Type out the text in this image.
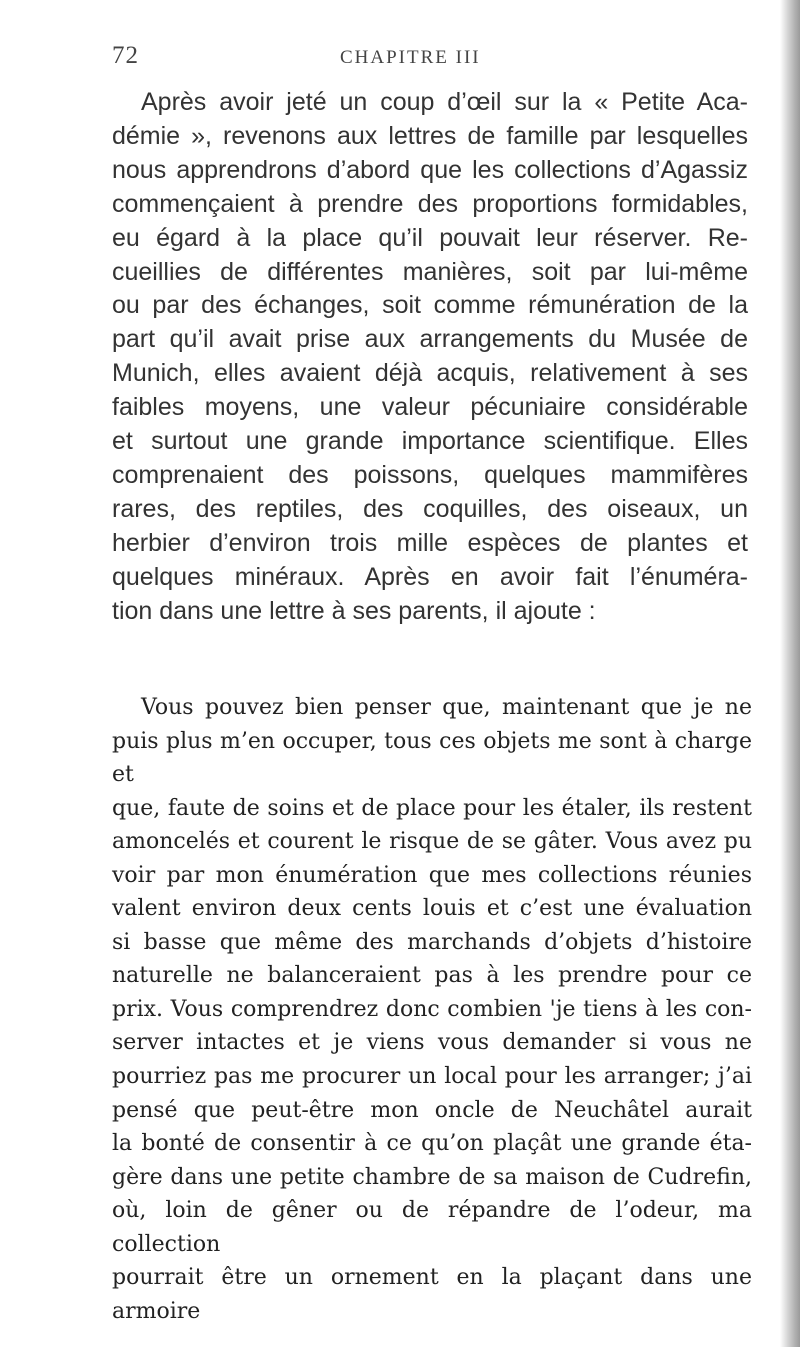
72	CHAPITRE III
Après avoir jeté un coup d’œil sur la « Petite Aca-
démie », revenons aux lettres de famille par lesquelles
nous apprendrons d’abord que les collections d’Agassiz
commençaient à prendre des proportions formidables,
eu égard à la place qu’il pouvait leur réserver. Re-
cueillies de différentes manières, soit par lui-même
ou par des échanges, soit comme rémunération de la
part qu’il avait prise aux arrangements du Musée de
Munich, elles avaient déjà acquis, relativement à ses
faibles moyens, une valeur pécuniaire considérable
et surtout une grande importance scientifique. Elles
comprenaient des poissons, quelques mammifères
rares, des reptiles, des coquilles, des oiseaux, un
herbier d’environ trois mille espèces de plantes et
quelques minéraux. Après en avoir fait l’énuméra-
tion dans une lettre à ses parents, il ajoute :
Vous pouvez bien penser que, maintenant que je ne
puis plus m’en occuper, tous ces objets me sont à charge et
que, faute de soins et de place pour les étaler, ils restent
amoncelés et courent le risque de se gâter. Vous avez pu
voir par mon énumération que mes collections réunies
valent environ deux cents louis et c’est une évaluation
si basse que même des marchands d’objets d’histoire
naturelle ne balanceraient pas à les prendre pour ce
prix. Vous comprendrez donc combien 'je tiens à les con-
server intactes et je viens vous demander si vous ne
pourriez pas me procurer un local pour les arranger; j’ai
pensé que peut-être mon oncle de Neuchâtel aurait
la bonté de consentir à ce qu’on plaçât une grande éta-
gère dans une petite chambre de sa maison de Cudrefin,
où, loin de gêner ou de répandre de l’odeur, ma collection
pourrait être un ornement en la plaçant dans une armoire
